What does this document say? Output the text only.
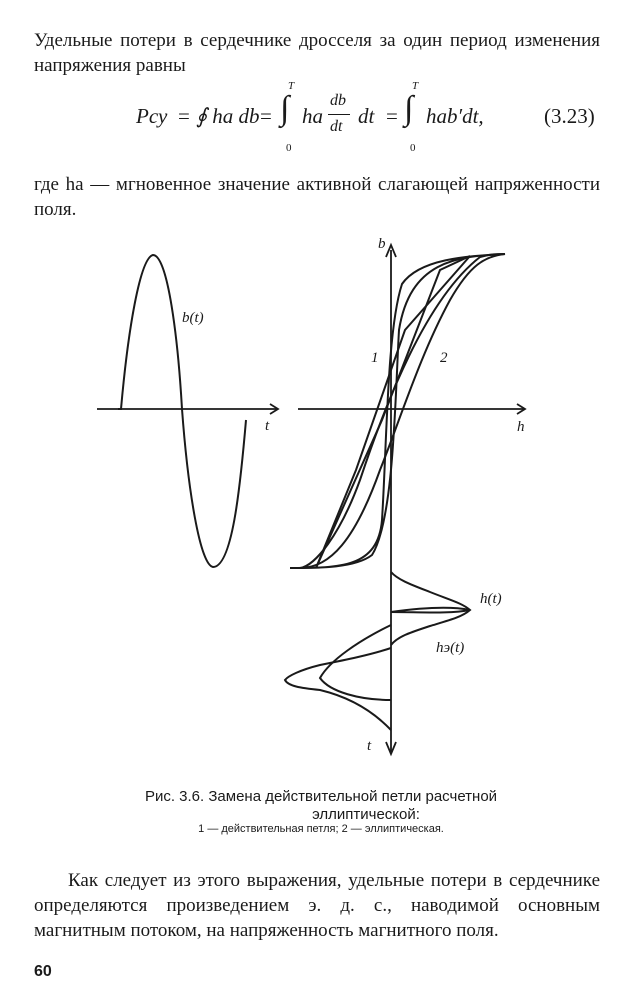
Удельные потери в сердечнике дросселя за один период изменения напряжения равны

Pсу = ∮ hа db = ∫
T
0
hа
db
dt dt = ∫
T
0
hаb′dt,	(3.23)

где hа — мгновенное значение активной слагающей напряженности поля.

b(t)
t
b
h
1	2
h(t)
hэ(t)
t

Рис. 3.6. Замена действительной петли расчетной

эллиптической:

1 — действительная петля; 2 — эллиптическая.

Как следует из этого выражения, удельные потери в сердечнике определяются произведением э. д. с., наводимой основным магнитным потоком, на напряженность магнитного поля.

60
